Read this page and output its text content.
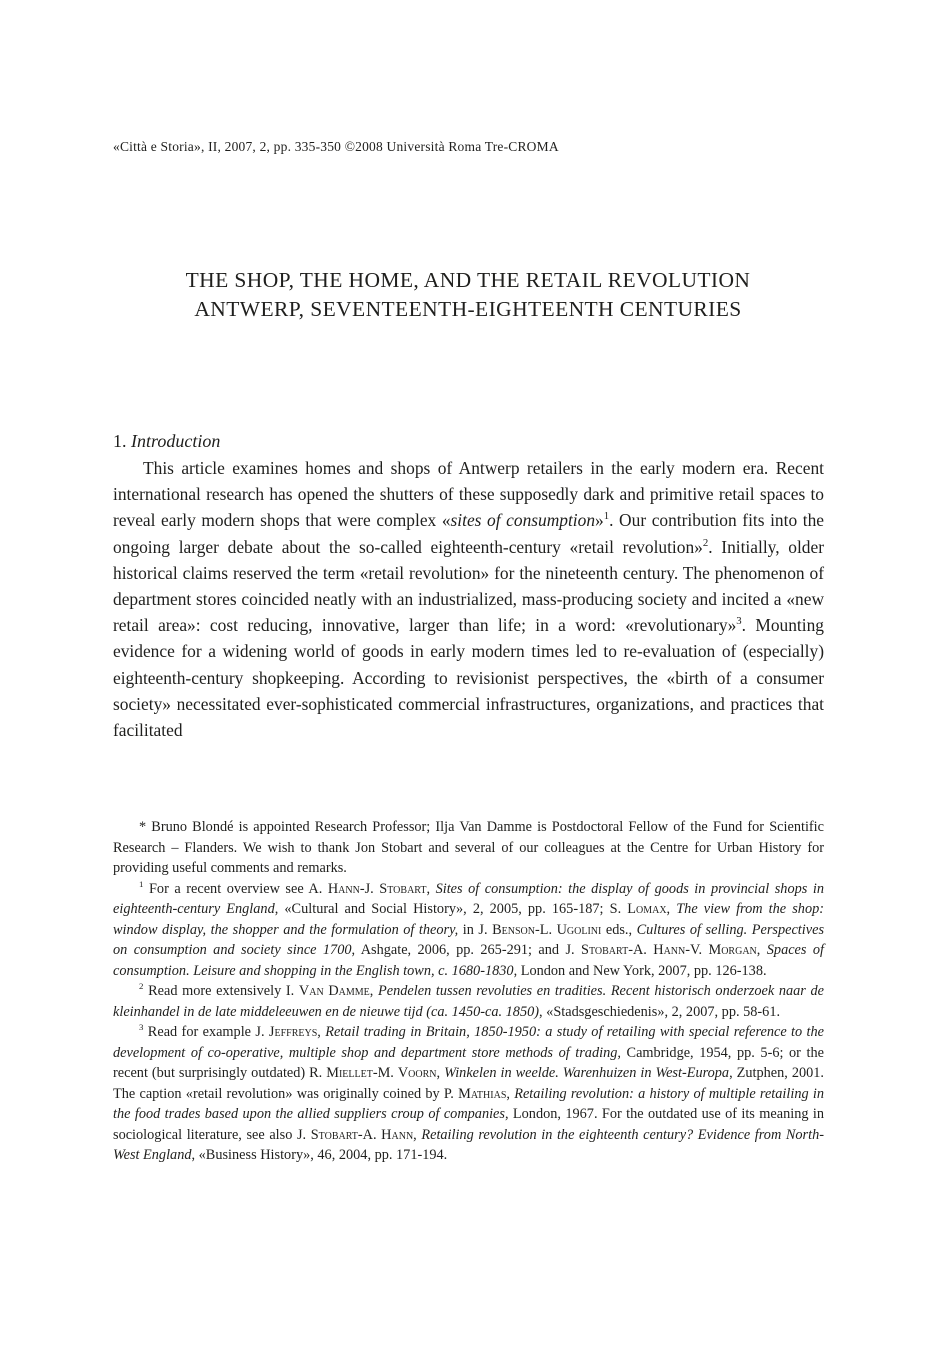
«Città e Storia», II, 2007, 2, pp. 335-350 ©2008 Università Roma Tre-CROMA
THE SHOP, THE HOME, AND THE RETAIL REVOLUTION
ANTWERP, SEVENTEENTH-EIGHTEENTH CENTURIES
1. Introduction

This article examines homes and shops of Antwerp retailers in the early modern era. Recent international research has opened the shutters of these supposedly dark and primitive retail spaces to reveal early modern shops that were complex «sites of consumption»$^1$. Our contribution fits into the ongoing larger debate about the so-called eighteenth-century «retail revolution»$^2$. Initially, older historical claims reserved the term «retail revolution» for the nineteenth century. The phenomenon of department stores coincided neatly with an industrialized, mass-producing society and incited a «new retail area»: cost reducing, innovative, larger than life; in a word: «revolutionary»$^3$. Mounting evidence for a widening world of goods in early modern times led to re-evaluation of (especially) eighteenth-century shopkeeping. According to revisionist perspectives, the «birth of a consumer society» necessitated ever-sophisticated commercial infrastructures, organizations, and practices that facilitated

* Bruno Blondé is appointed Research Professor; Ilja Van Damme is Postdoctoral Fellow of the Fund for Scientific Research – Flanders. We wish to thank Jon Stobart and several of our colleagues at the Centre for Urban History for providing useful comments and remarks.

$^1$ For a recent overview see A. Hann-J. Stobart, Sites of consumption: the display of goods in provincial shops in eighteenth-century England, «Cultural and Social History», 2, 2005, pp. 165-187; S. Lomax, The view from the shop: window display, the shopper and the formulation of theory, in J. Benson-L. Ugolini eds., Cultures of selling. Perspectives on consumption and society since 1700, Ashgate, 2006, pp. 265-291; and J. Stobart-A. Hann-V. Morgan, Spaces of consumption. Leisure and shopping in the English town, c. 1680-1830, London and New York, 2007, pp. 126-138.

$^2$ Read more extensively I. Van Damme, Pendelen tussen revoluties en tradities. Recent historisch onderzoek naar de kleinhandel in de late middeleeuwen en de nieuwe tijd (ca. 1450-ca. 1850), «Stadsgeschiedenis», 2, 2007, pp. 58-61.

$^3$ Read for example J. Jeffreys, Retail trading in Britain, 1850-1950: a study of retailing with special reference to the development of co-operative, multiple shop and department store methods of trading, Cambridge, 1954, pp. 5-6; or the recent (but surprisingly outdated) R. Miellet-M. Voorn, Winkelen in weelde. Warenhuizen in West-Europa, Zutphen, 2001. The caption «retail revolution» was originally coined by P. Mathias, Retailing revolution: a history of multiple retailing in the food trades based upon the allied suppliers croup of companies, London, 1967. For the outdated use of its meaning in sociological literature, see also J. Stobart-A. Hann, Retailing revolution in the eighteenth century? Evidence from North-West England, «Business History», 46, 2004, pp. 171-194.
